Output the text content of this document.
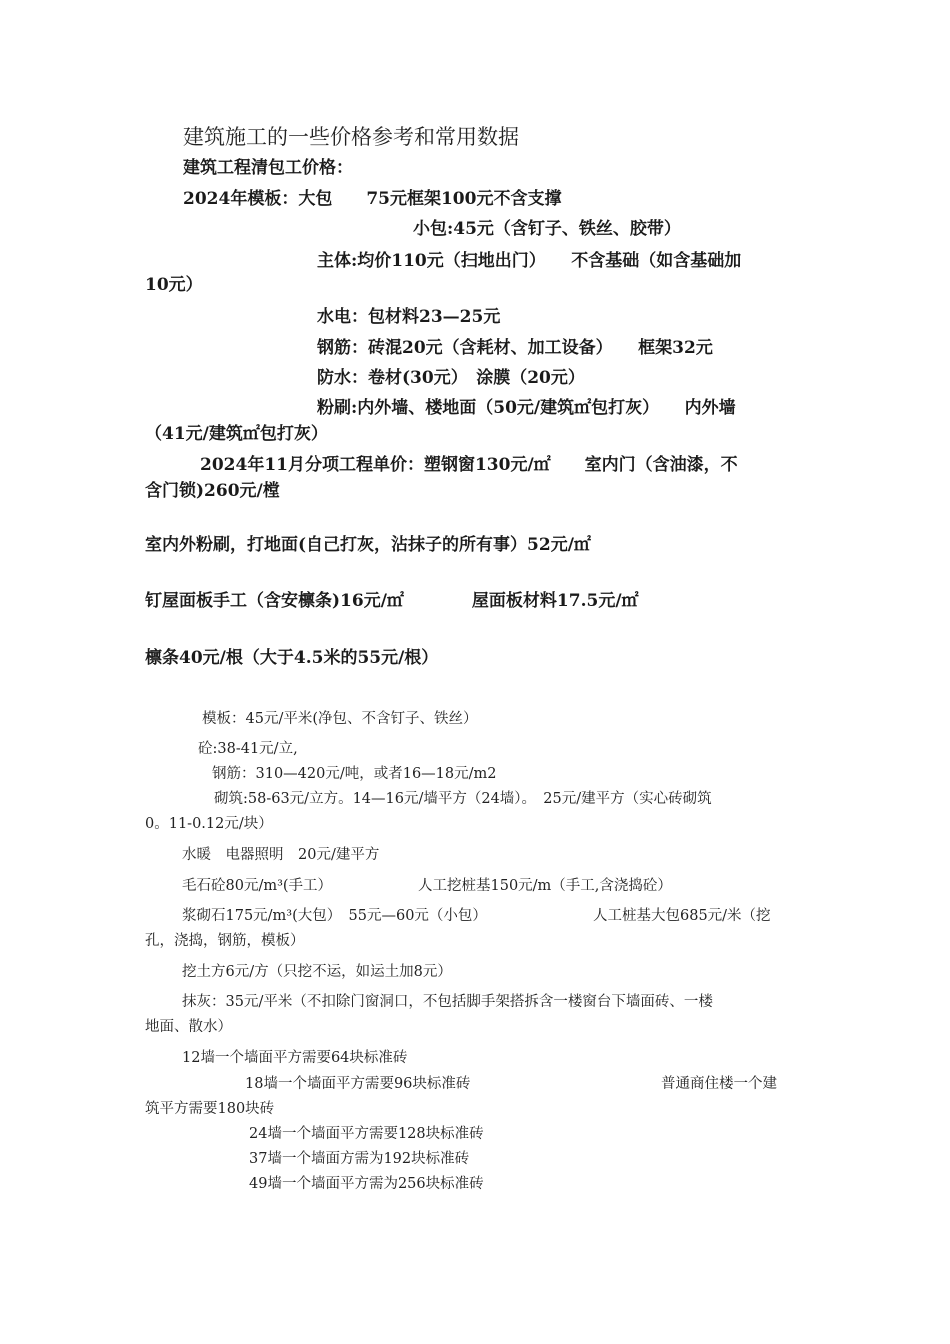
建筑施工的一些价格参考和常用数据
建筑工程清包工价格：
2024年模板：大包　　75元框架100元不含支撑
小包:45元（含钉子、铁丝、胶带）
主体:均价110元（扫地出门）　　不含基础（如含基础加
10元）
水电：包材料23—25元
钢筋：砖混20元（含耗材、加工设备）　　框架32元
防水：卷材(30元）　涂膜（20元）
粉刷:内外墙、楼地面（50元/建筑㎡包打灰）　　内外墙
（41元/建筑㎡包打灰）
2024年11月分项工程单价：塑钢窗130元/㎡　　室内门（含油漆，不
含门锁)260元/樘
室内外粉刷，打地面(自己打灰，沾抹子的所有事）52元/㎡
钉屋面板手工（含安檩条)16元/㎡　　　　屋面板材料17.5元/㎡
檩条40元/根（大于4.5米的55元/根）
模板：45元/平米(净包、不含钉子、铁丝）
砼:38-41元/立,
钢筋：310—420元/吨，或者16—18元/m2
砌筑:58-63元/立方。14—16元/墙平方（24墙）。　25元/建平方（实心砖砌筑
0。11-0.12元/块）
水暖　电器照明　20元/建平方
毛石砼80元/m³(手工）	人工挖桩基150元/m（手工,含浇捣砼）
浆砌石175元/m³(大包）　55元—60元（小包）	人工桩基大包685元/米（挖
孔，浇捣，钢筋，模板）
挖土方6元/方（只挖不运，如运土加8元）
抹灰：35元/平米（不扣除门窗洞口，不包括脚手架搭拆含一楼窗台下墙面砖、一楼
地面、散水）
12墙一个墙面平方需要64块标准砖
18墙一个墙面平方需要96块标准砖	普通商住楼一个建
筑平方需要180块砖
24墙一个墙面平方需要128块标准砖
37墙一个墙面方需为192块标准砖
49墙一个墙面平方需为256块标准砖
